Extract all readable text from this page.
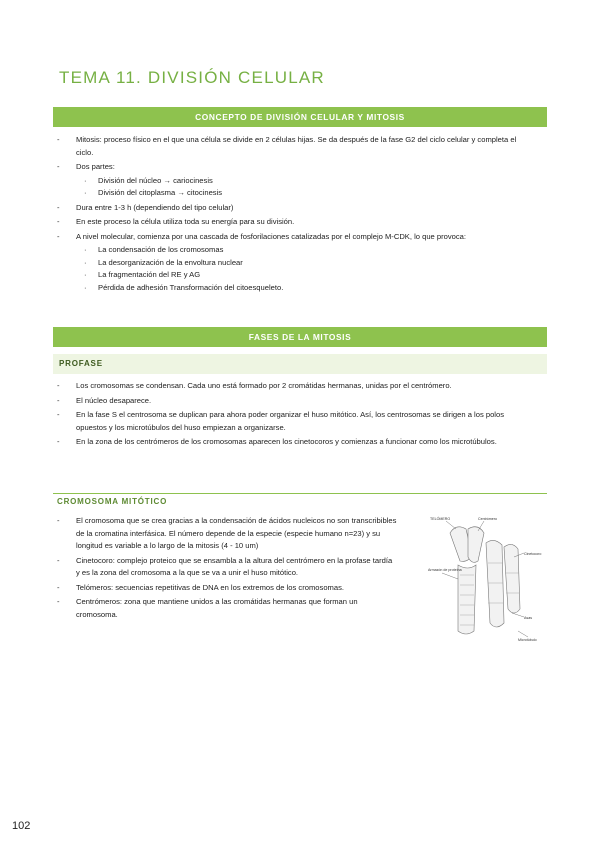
TEMA 11. DIVISIÓN CELULAR
CONCEPTO DE DIVISIÓN CELULAR Y MITOSIS
- Mitosis: proceso físico en el que una célula se divide en 2 células hijas. Se da después de la fase G2 del ciclo celular y completa el ciclo.
- Dos partes:
· División del núcleo → cariocinesis
· División del citoplasma → citocinesis
- Dura entre 1-3 h (dependiendo del tipo celular)
- En este proceso la célula utiliza toda su energía para su división.
- A nivel molecular, comienza por una cascada de fosforilaciones catalizadas por el complejo M-CDK, lo que provoca:
· La condensación de los cromosomas
· La desorganización de la envoltura nuclear
· La fragmentación del RE y AG
· Pérdida de adhesión Transformación del citoesqueleto.
FASES DE LA MITOSIS
PROFASE
- Los cromosomas se condensan. Cada uno está formado por 2 cromátidas hermanas, unidas por el centrómero.
- El núcleo desaparece.
- En la fase S el centrosoma se duplican para ahora poder organizar el huso mitótico. Así, los centrosomas se dirigen a los polos opuestos y los microtúbulos del huso empiezan a organizarse.
- En la zona de los centrómeros de los cromosomas aparecen los cinetocoros y comienzas a funcionar como los microtúbulos.
CROMOSOMA MITÓTICO
- El cromosoma que se crea gracias a la condensación de ácidos nucleicos no son transcribibles de la cromatina interfásica. El número depende de la especie (especie humano n=23) y su longitud es variable a lo largo de la mitosis (4 - 10 um)
- Cinetocoro: complejo proteico que se ensambla a la altura del centrómero en la profase tardía y es la zona del cromosoma a la que se va a unir el huso mitótico.
- Telómeros: secuencias repetitivas de DNA en los extremos de los cromosomas.
- Centrómeros: zona que mantiene unidos a las cromátidas hermanas que forman un cromosoma.
TELÓMERO	Centrómero
Cinetocoro
Armazón de proteína
Asas
Microtúbulo
102
